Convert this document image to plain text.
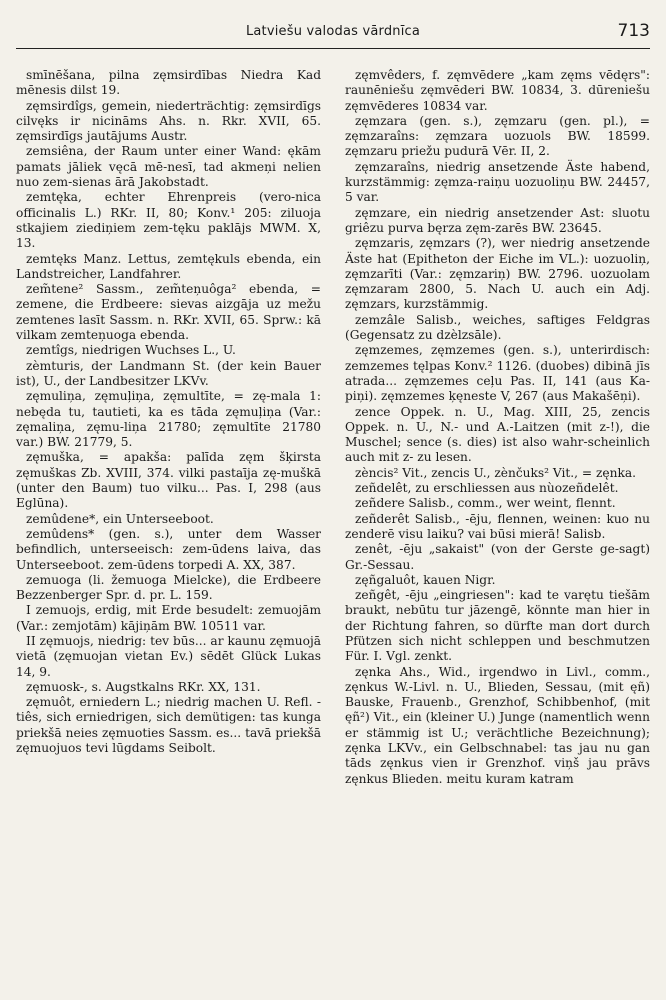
Latviešu valodas vārdnīca	713

smīnēšana, pilna zęmsirdības Niedra Kad mēnesis dilst 19.

zęmsirdîgs, gemein, niederträchtig: zęmsirdīgs cilvęks ir nicināms Ahs. n. Rkr. XVII, 65. zęmsirdīgs jautājums Austr.

zemsiêna, der Raum unter einer Wand: ękām pamats jāliek vęcā mē-nesī, tad akmeņi nelien nuo zem-sienas ārā Jakobstadt.

zemtęka, echter Ehrenpreis (vero-nica officinalis L.) RKr. II, 80; Konv.¹ 205: ziluoja stkajiem ziediņiem zem-tęku paklājs MWM. X, 13.

zemtęks Manz. Lettus, zemtękuls ebenda, ein Landstreicher, Landfahrer.

zem̃tene² Sassm., zem̃teņuôga² ebenda, = zemene, die Erdbeere: sievas aizgāja uz mežu zemtenes lasīt Sassm. n. RKr. XVII, 65. Sprw.: kā vilkam zemteņuoga ebenda.

zemtîgs, niedrigen Wuchses L., U.

zèmturis, der Landmann St. (der kein Bauer ist), U., der Landbesitzer LKVv.

zęmuliņa, zęmuļiņa, zęmultīte, = zę-mala 1: nebęda tu, tautieti, ka es tāda zęmuļiņa (Var.: zęmaliņa, zęmu-liņa 21780; zęmultīte 21780 var.) BW. 21779, 5.

zęmuška, = apakša: palīda zęm šķirsta zęmuškas Zb. XVIII, 374. vilki pastaīja zę-muškā (unter den Baum) tuo vilku... Pas. I, 298 (aus Eglūna).

zemûdene*, ein Unterseeboot.

zemûdens* (gen. s.), unter dem Wasser befindlich, unterseeisch: zem-ūdens laiva, das Unterseeboot. zem-ūdens torpedi A. XX, 387.

zemuoga (li. žemuoga Mielcke), die Erdbeere Bezzenberger Spr. d. pr. L. 159.

I zemuojs, erdig, mit Erde besudelt: zemuojām (Var.: zemjotām) kājiņām BW. 10511 var.

II zęmuojs, niedrig: tev būs... ar kaunu zęmuojā vietā (zęmuojan vietan Ev.) sēdēt Glück Lukas 14, 9.

zęmuosk-, s. Augstkalns RKr. XX, 131.

zęmuôt, erniedern L.; niedrig machen U. Refl. -tiês, sich erniedrigen, sich demütigen: tas kunga priekšā neies zęmuoties Sassm. es... tavā priekšā zęmuojuos tevi lūgdams Seibolt.

zęmvêders, f. zęmvēdere „kam zęms vēdęrs": raunēniešu zęmvēderi BW. 10834, 3. dūreniešu zęmvēderes 10834 var.

zęmzara (gen. s.), zęmzaru (gen. pl.), = zęmzaraîns: zęmzara uozuols BW. 18599. zęmzaru priežu pudurā Vēr. II, 2.

zęmzaraîns, niedrig ansetzende Äste habend, kurzstämmig: zęmza-raiņu uozuoliņu BW. 24457, 5 var.

zęmzare, ein niedrig ansetzender Ast: sluotu griêzu purva bęrza zęm-zarēs BW. 23645.

zęmzaris, zęmzars (?), wer niedrig ansetzende Äste hat (Epitheton der Eiche im VL.): uozuoliņ, zęmzarīti (Var.: zęmzariņ) BW. 2796. uozuolam zęmzaram 2800, 5. Nach U. auch ein Adj. zęmzars, kurzstämmig.

zemzâle Salisb., weiches, saftiges Feldgras (Gegensatz zu dzèlzsāle).

zęmzemes, zęmzemes (gen. s.), unterirdisch: zemzemes tęlpas Konv.² 1126. (duobes) dibinā jīs atrada... zęmzemes ceļu Pas. II, 141 (aus Ka-piņi). zęmzemes ķęneste V, 267 (aus Makašēņi).

zence Oppek. n. U., Mag. XIII, 25, zencis Oppek. n. U., N.- und A.-Laitzen (mit z-!), die Muschel; sence (s. dies) ist also wahr-scheinlich auch mit z- zu lesen.

zèncis² Vit., zencis U., zènčuks² Vit., = zęnka.

zeñdelêt, zu erschliessen aus nùozeñdelêt.

zeñdere Salisb., comm., wer weint, flennt.

zeñderêt Salisb., -ēju, flennen, weinen: kuo nu zenderē visu laiku? vai būsi mierā! Salisb.

zenêt, -ēju „sakaist" (von der Gerste ge-sagt) Gr.-Sessau.

zęñgaluôt, kauen Nigr.

zeñgêt, -ēju „eingriesen": kad te varętu tiešām braukt, nebūtu tur jāzengē, könnte man hier in der Richtung fahren, so dürfte man dort durch Pfützen sich nicht schleppen und beschmutzen Für. I. Vgl. zenkt.

zęnka Ahs., Wid., irgendwo in Livl., comm., zęnkus W.-Livl. n. U., Blieden, Sessau, (mit ęñ) Bauske, Frauenb., Grenzhof, Schibbenhof, (mit ęñ²) Vit., ein (kleiner U.) Junge (namentlich wenn er stämmig ist U.; verächtliche Bezeichnung); zęnka LKVv., ein Gelbschnabel: tas jau nu gan tāds zęnkus vien ir Grenzhof. viņš jau prāvs zęnkus Blieden. meitu kuram katram
